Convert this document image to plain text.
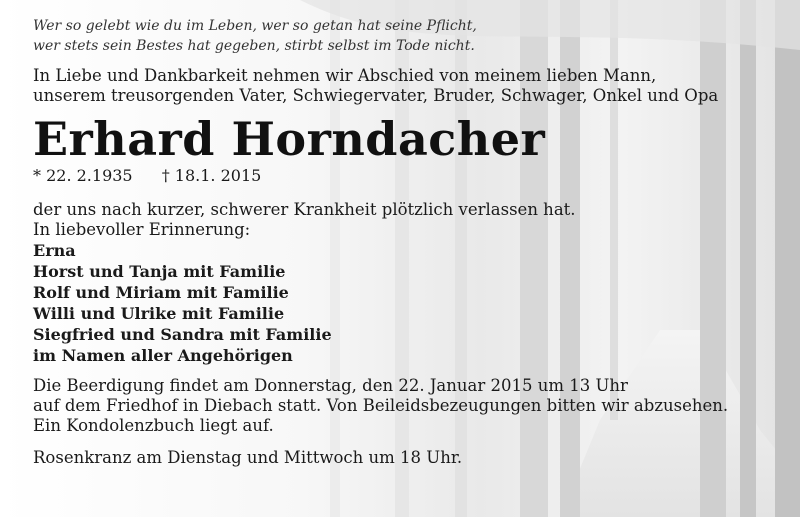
Wer so gelebt wie du im Leben, wer so getan hat seine Pflicht,
wer stets sein Bestes hat gegeben, stirbt selbst im Tode nicht.
In Liebe und Dankbarkeit nehmen wir Abschied von meinem lieben Mann,
unserem treusorgenden Vater, Schwiegervater, Bruder, Schwager, Onkel und Opa
Erhard Horndacher
* 22. 2.1935 † 18.1. 2015
der uns nach kurzer, schwerer Krankheit plötzlich verlassen hat.
In liebevoller Erinnerung:
Erna
Horst und Tanja mit Familie
Rolf und Miriam mit Familie
Willi und Ulrike mit Familie
Siegfried und Sandra mit Familie
im Namen aller Angehörigen
Die Beerdigung findet am Donnerstag, den 22. Januar 2015 um 13 Uhr
auf dem Friedhof in Diebach statt. Von Beileidsbezeugungen bitten wir abzusehen.
Ein Kondolenzbuch liegt auf.
Rosenkranz am Dienstag und Mittwoch um 18 Uhr.
